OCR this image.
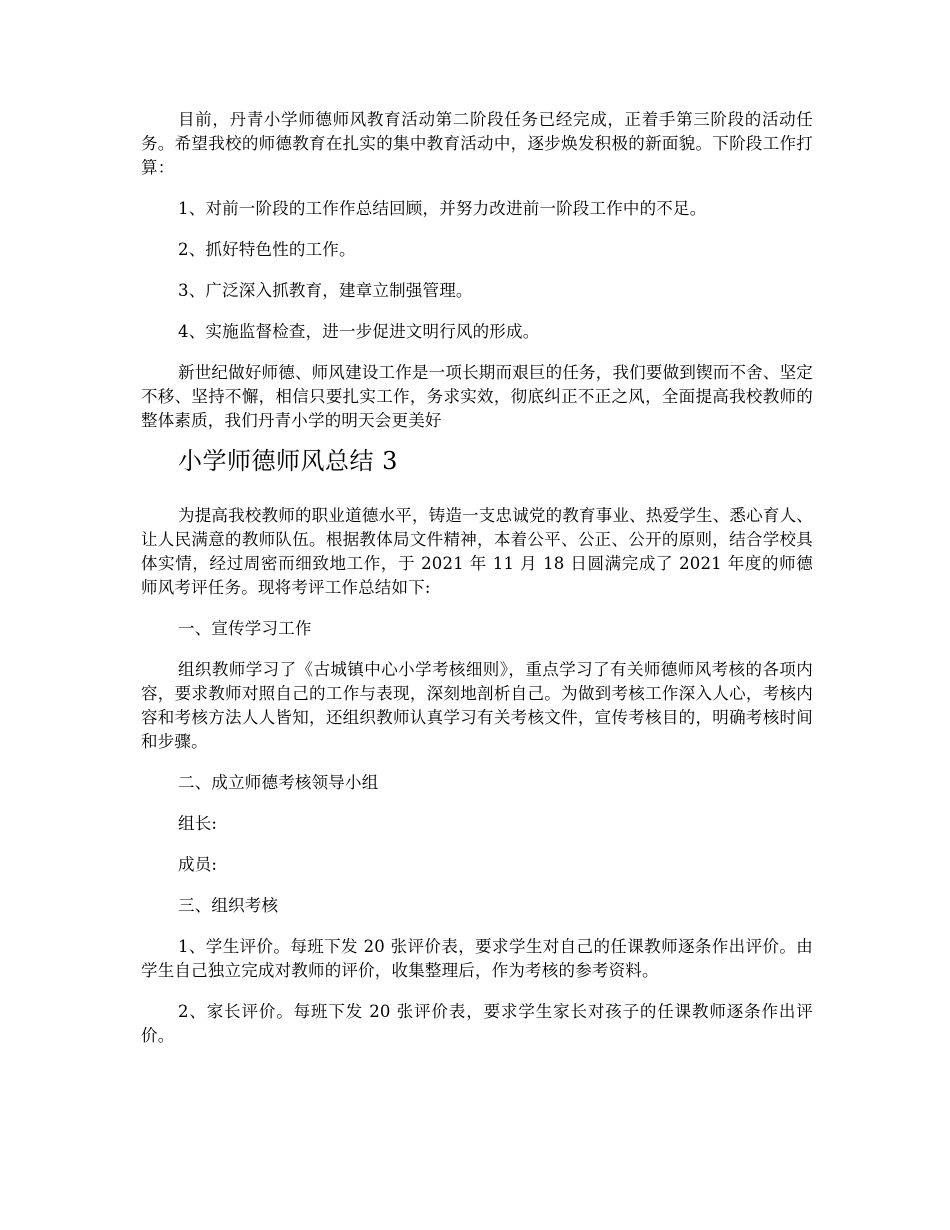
目前，丹青小学师德师风教育活动第二阶段任务已经完成，正着手第三阶段的活动任务。希望我校的师德教育在扎实的集中教育活动中，逐步焕发积极的新面貌。下阶段工作打算：

1、对前一阶段的工作作总结回顾，并努力改进前一阶段工作中的不足。

2、抓好特色性的工作。

3、广泛深入抓教育，建章立制强管理。

4、实施监督检查，进一步促进文明行风的形成。

新世纪做好师德、师风建设工作是一项长期而艰巨的任务，我们要做到锲而不舍、坚定不移、坚持不懈，相信只要扎实工作，务求实效，彻底纠正不正之风，全面提高我校教师的整体素质，我们丹青小学的明天会更美好

小学师德师风总结 3

为提高我校教师的职业道德水平，铸造一支忠诚党的教育事业、热爱学生、悉心育人、让人民满意的教师队伍。根据教体局文件精神，本着公平、公正、公开的原则，结合学校具体实情，经过周密而细致地工作，于 2021 年 11 月 18 日圆满完成了 2021 年度的师德师风考评任务。现将考评工作总结如下:

一、宣传学习工作

组织教师学习了《古城镇中心小学考核细则》，重点学习了有关师德师风考核的各项内容，要求教师对照自己的工作与表现，深刻地剖析自己。为做到考核工作深入人心，考核内容和考核方法人人皆知，还组织教师认真学习有关考核文件，宣传考核目的，明确考核时间和步骤。

二、成立师德考核领导小组

组长:

成员:

三、组织考核

1、学生评价。每班下发 20 张评价表，要求学生对自己的任课教师逐条作出评价。由学生自己独立完成对教师的评价，收集整理后，作为考核的参考资料。

2、家长评价。每班下发 20 张评价表，要求学生家长对孩子的任课教师逐条作出评价。
